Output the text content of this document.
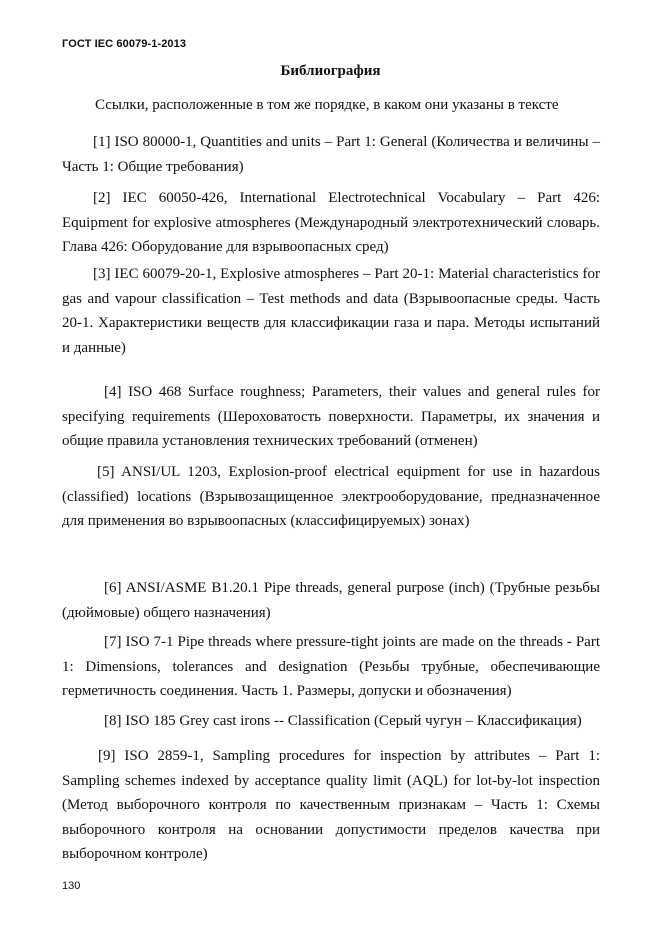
ГОСТ IEC 60079-1-2013
Библиография
Ссылки, расположенные в том же порядке, в каком они указаны в тексте

[1] ISO 80000-1, Quantities and units – Part 1: General (Количества и величины – Часть 1: Общие требования)

[2] IEC 60050-426, International Electrotechnical Vocabulary – Part 426: Equipment for explosive atmospheres (Международный электротехнический словарь. Глава 426: Оборудование для взрывоопасных сред)

[3] IEC 60079-20-1, Explosive atmospheres – Part 20-1: Material characteristics for gas and vapour classification – Test methods and data (Взрывоопасные среды. Часть 20-1. Характеристики веществ для классификации газа и пара. Методы испытаний и данные)

[4] ISO 468 Surface roughness; Parameters, their values and general rules for specifying requirements (Шероховатость поверхности. Параметры, их значения и общие правила установления технических требований (отменен)

[5] ANSI/UL 1203, Explosion-proof electrical equipment for use in hazardous (classified) locations (Взрывозащищенное электрооборудование, предназначенное для применения во взрывоопасных (классифицируемых) зонах)

[6] ANSI/ASME B1.20.1 Pipe threads, general purpose (inch) (Трубные резьбы (дюймовые) общего назначения)

[7] ISO 7-1 Pipe threads where pressure-tight joints are made on the threads - Part 1: Dimensions, tolerances and designation (Резьбы трубные, обеспечивающие герметичность соединения. Часть 1. Размеры, допуски и обозначения)

[8] ISO 185 Grey cast irons -- Classification (Серый чугун – Классификация)

[9] ISO 2859-1, Sampling procedures for inspection by attributes – Part 1: Sampling schemes indexed by acceptance quality limit (AQL) for lot-by-lot inspection (Метод выборочного контроля по качественным признакам – Часть 1: Схемы выборочного контроля на основании допустимости пределов качества при выборочном контроле)

130
